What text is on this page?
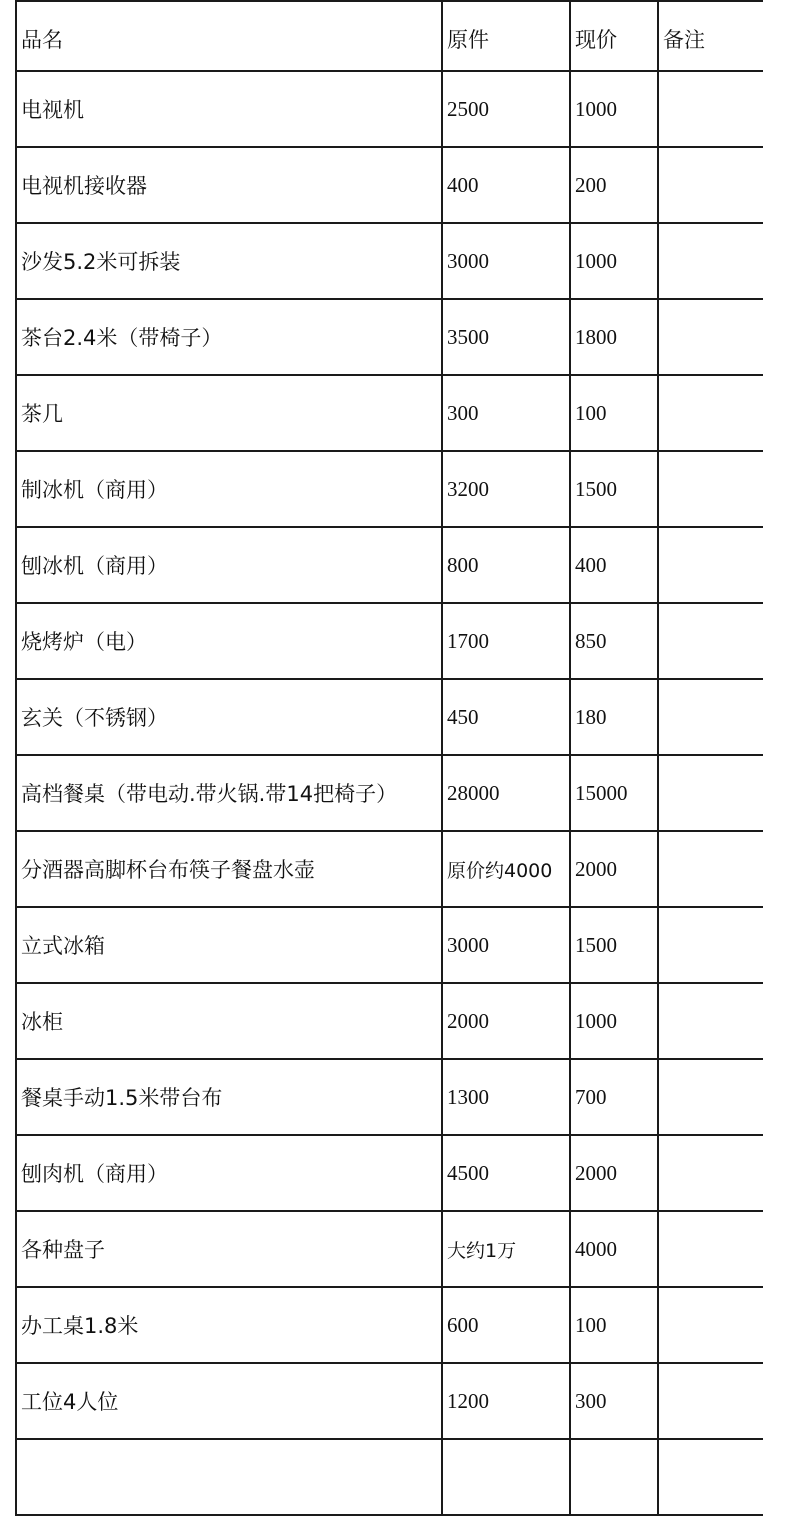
品名	原件	现价	备注
电视机	2500	1000	
电视机接收器	400	200	
沙发5.2米可拆装	3000	1000	
茶台2.4米（带椅子）	3500	1800	
茶几	300	100	
制冰机（商用）	3200	1500	
刨冰机（商用）	800	400	
烧烤炉（电）	1700	850	
玄关（不锈钢）	450	180	
高档餐桌（带电动.带火锅.带14把椅子）	28000	15000	
分酒器高脚杯台布筷子餐盘水壶	原价约4000	2000	
立式冰箱	3000	1500	
冰柜	2000	1000	
餐桌手动1.5米带台布	1300	700	
刨肉机（商用）	4500	2000	
各种盘子	大约1万	4000	
办工桌1.8米	600	100	
工位4人位	1200	300	
